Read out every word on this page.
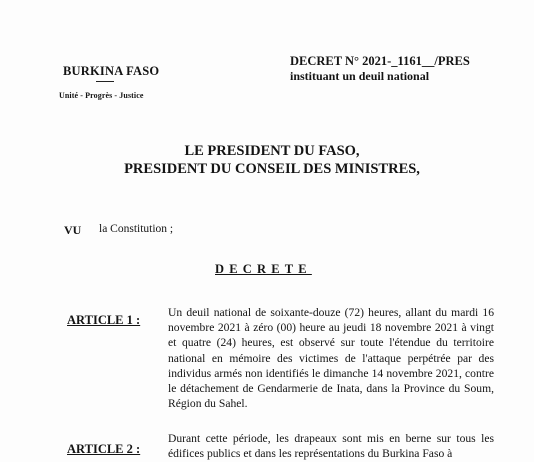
BURKINA FASO
Unité - Progrès - Justice
DECRET N° 2021-_1161__/PRES
instituant un deuil national
LE PRESIDENT DU FASO,
PRESIDENT DU CONSEIL DES MINISTRES,
VU la Constitution ;
DECRETE
ARTICLE 1 :
Un deuil national de soixante-douze (72) heures, allant du mardi 16 novembre 2021 à zéro (00) heure au jeudi 18 novembre 2021 à vingt et quatre (24) heures, est observé sur toute l'étendue du territoire national en mémoire des victimes de l'attaque perpétrée par des individus armés non identifiés le dimanche 14 novembre 2021, contre le détachement de Gendarmerie de Inata, dans la Province du Soum, Région du Sahel.
ARTICLE 2 :
Durant cette période, les drapeaux sont mis en berne sur tous les édifices publics et dans les représentations du Burkina Faso à
